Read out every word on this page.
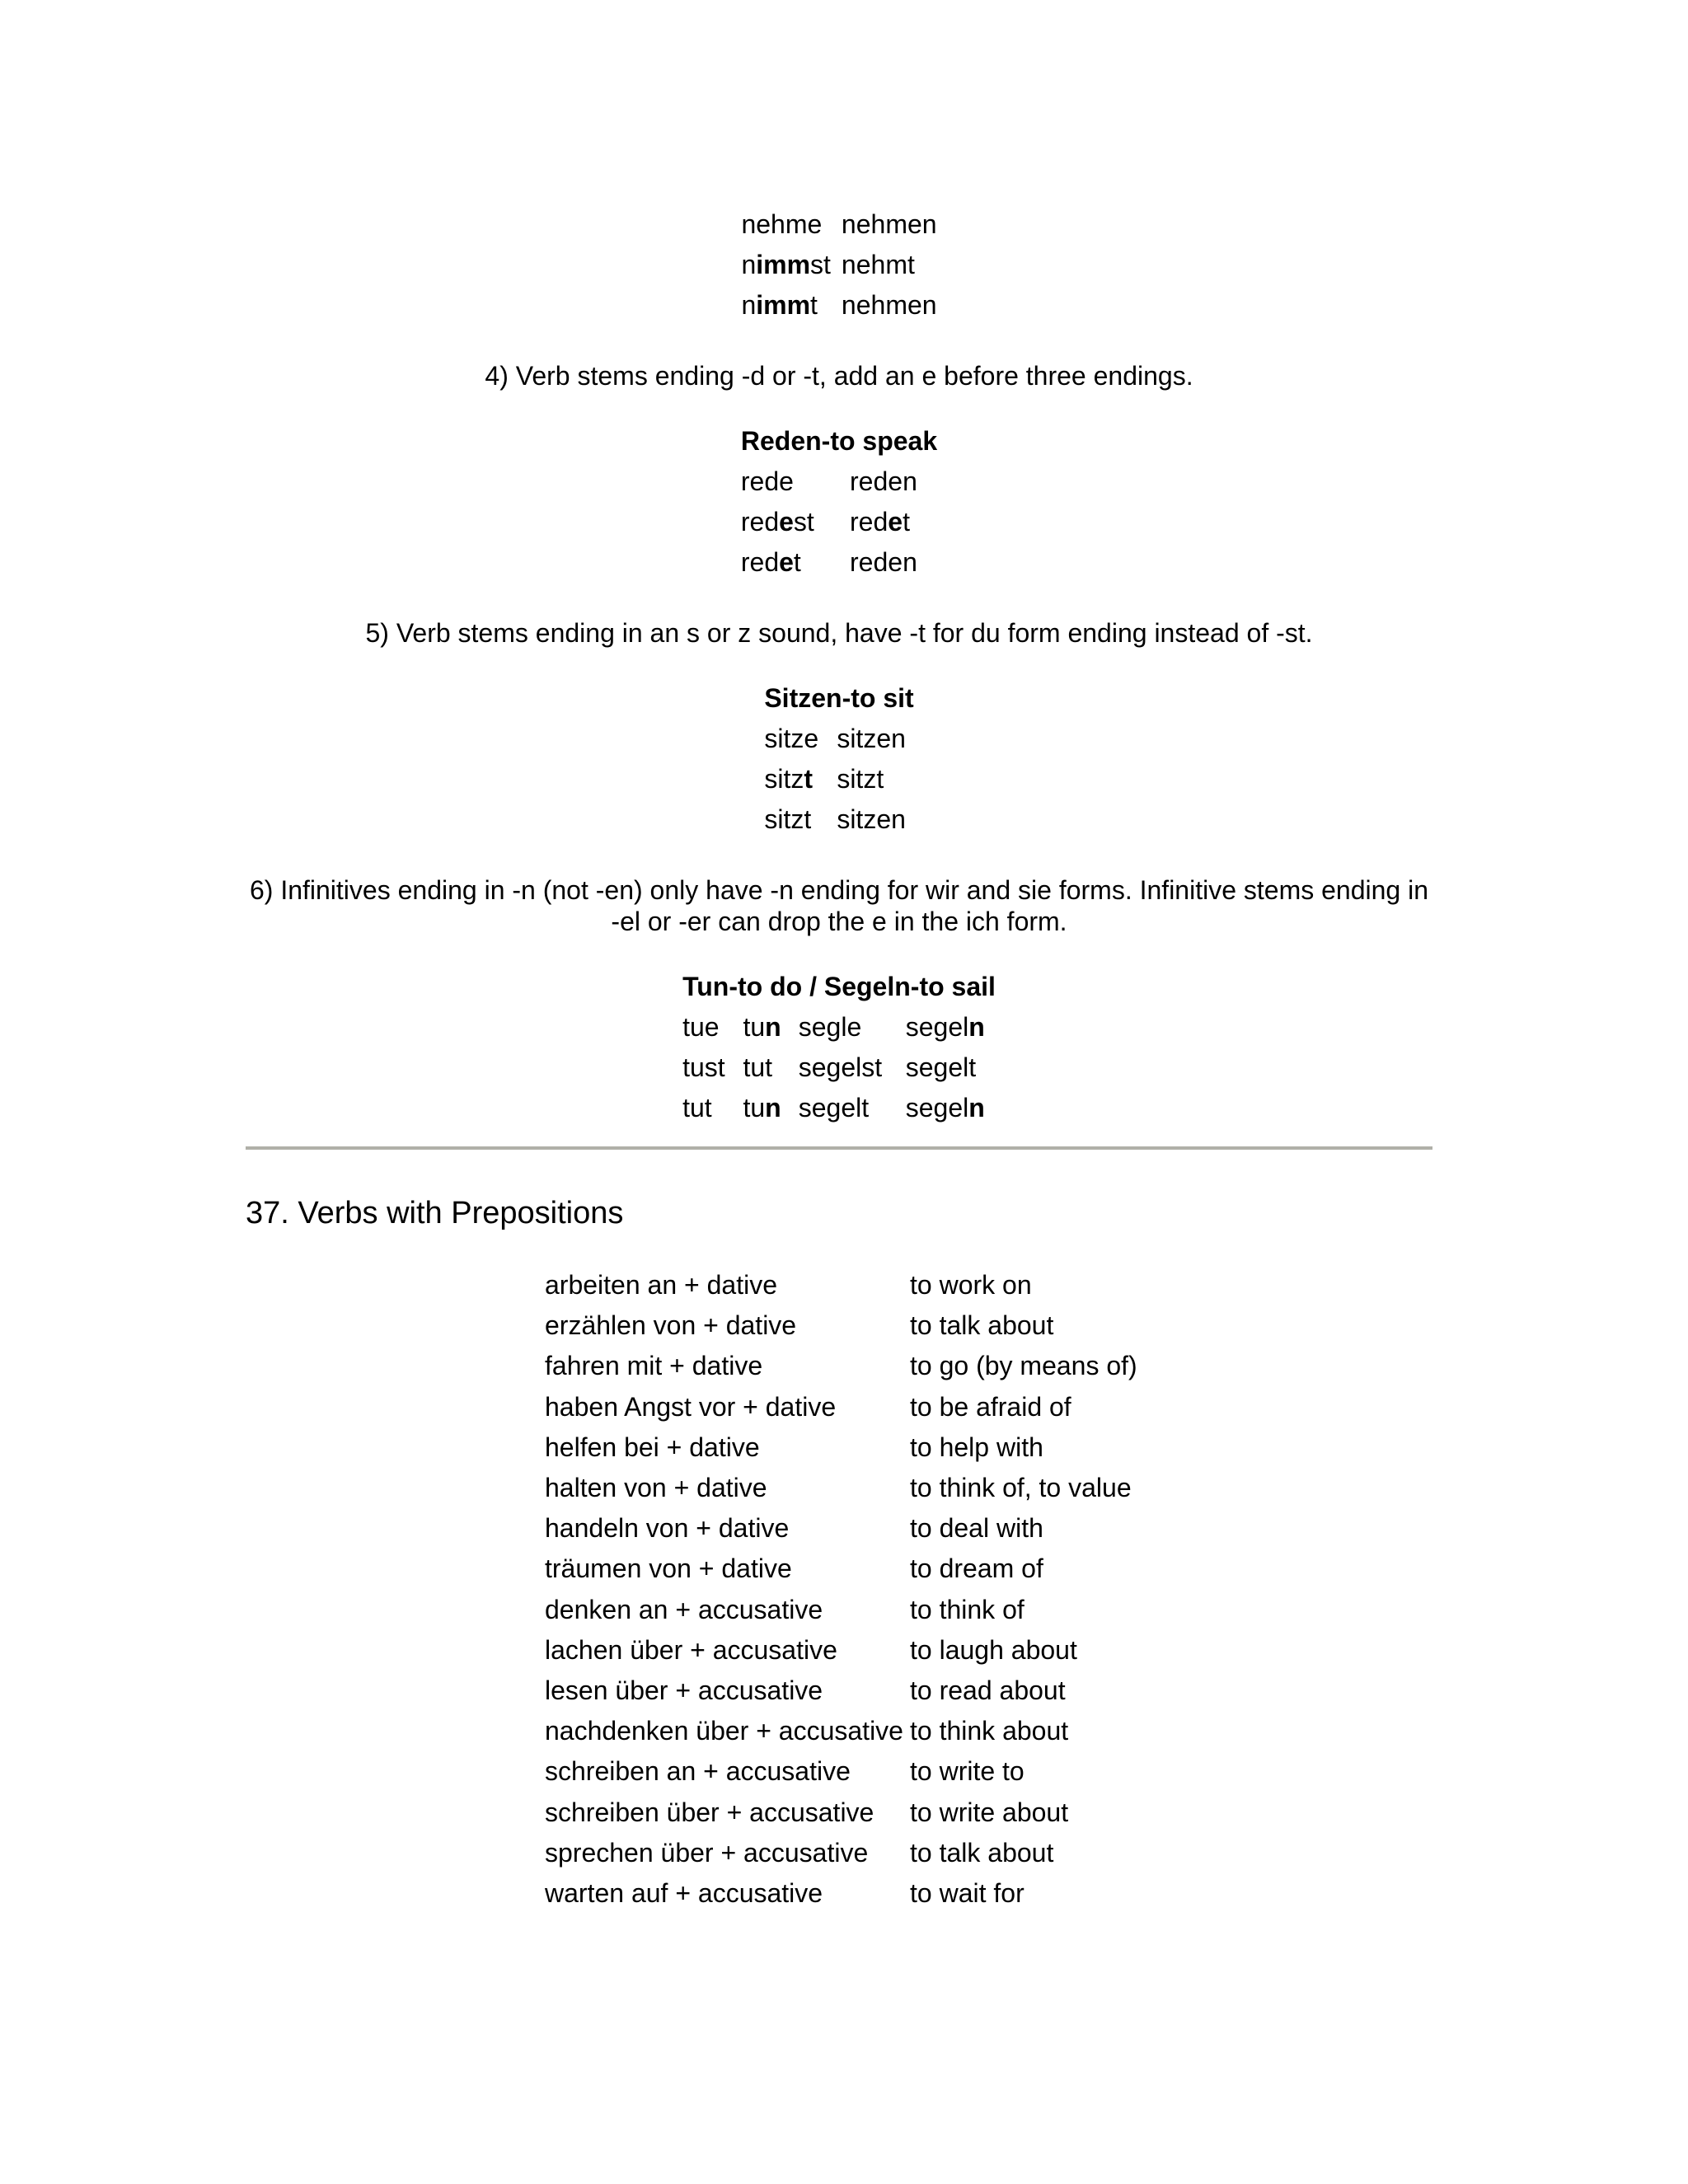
nehme	nehmen
nimmst	nehmt
nimmt	nehmen
4) Verb stems ending -d or -t, add an e before three endings.
Reden-to speak	
rede	reden
redest	redet
redet	reden
5) Verb stems ending in an s or z sound, have -t for du form ending instead of -st.
Sitzen-to sit	
sitze	sitzen
sitzt	sitzt
sitzt	sitzen
6) Infinitives ending in -n (not -en) only have -n ending for wir and sie forms. Infinitive stems ending in -el or -er can drop the e in the ich form.
Tun-to do / Segeln-to sail			
tue	tun	segle	segeln
tust	tut	segelst	segelt
tut	tun	segelt	segeln
37. Verbs with Prepositions
arbeiten an + dative	to work on
erzählen von + dative	to talk about
fahren mit + dative	to go (by means of)
haben Angst vor + dative	to be afraid of
helfen bei + dative	to help with
halten von + dative	to think of, to value
handeln von + dative	to deal with
träumen von + dative	to dream of
denken an + accusative	to think of
lachen über + accusative	to laugh about
lesen über + accusative	to read about
nachdenken über + accusative	to think about
schreiben an + accusative	to write to
schreiben über + accusative	to write about
sprechen über + accusative	to talk about
warten auf + accusative	to wait for
